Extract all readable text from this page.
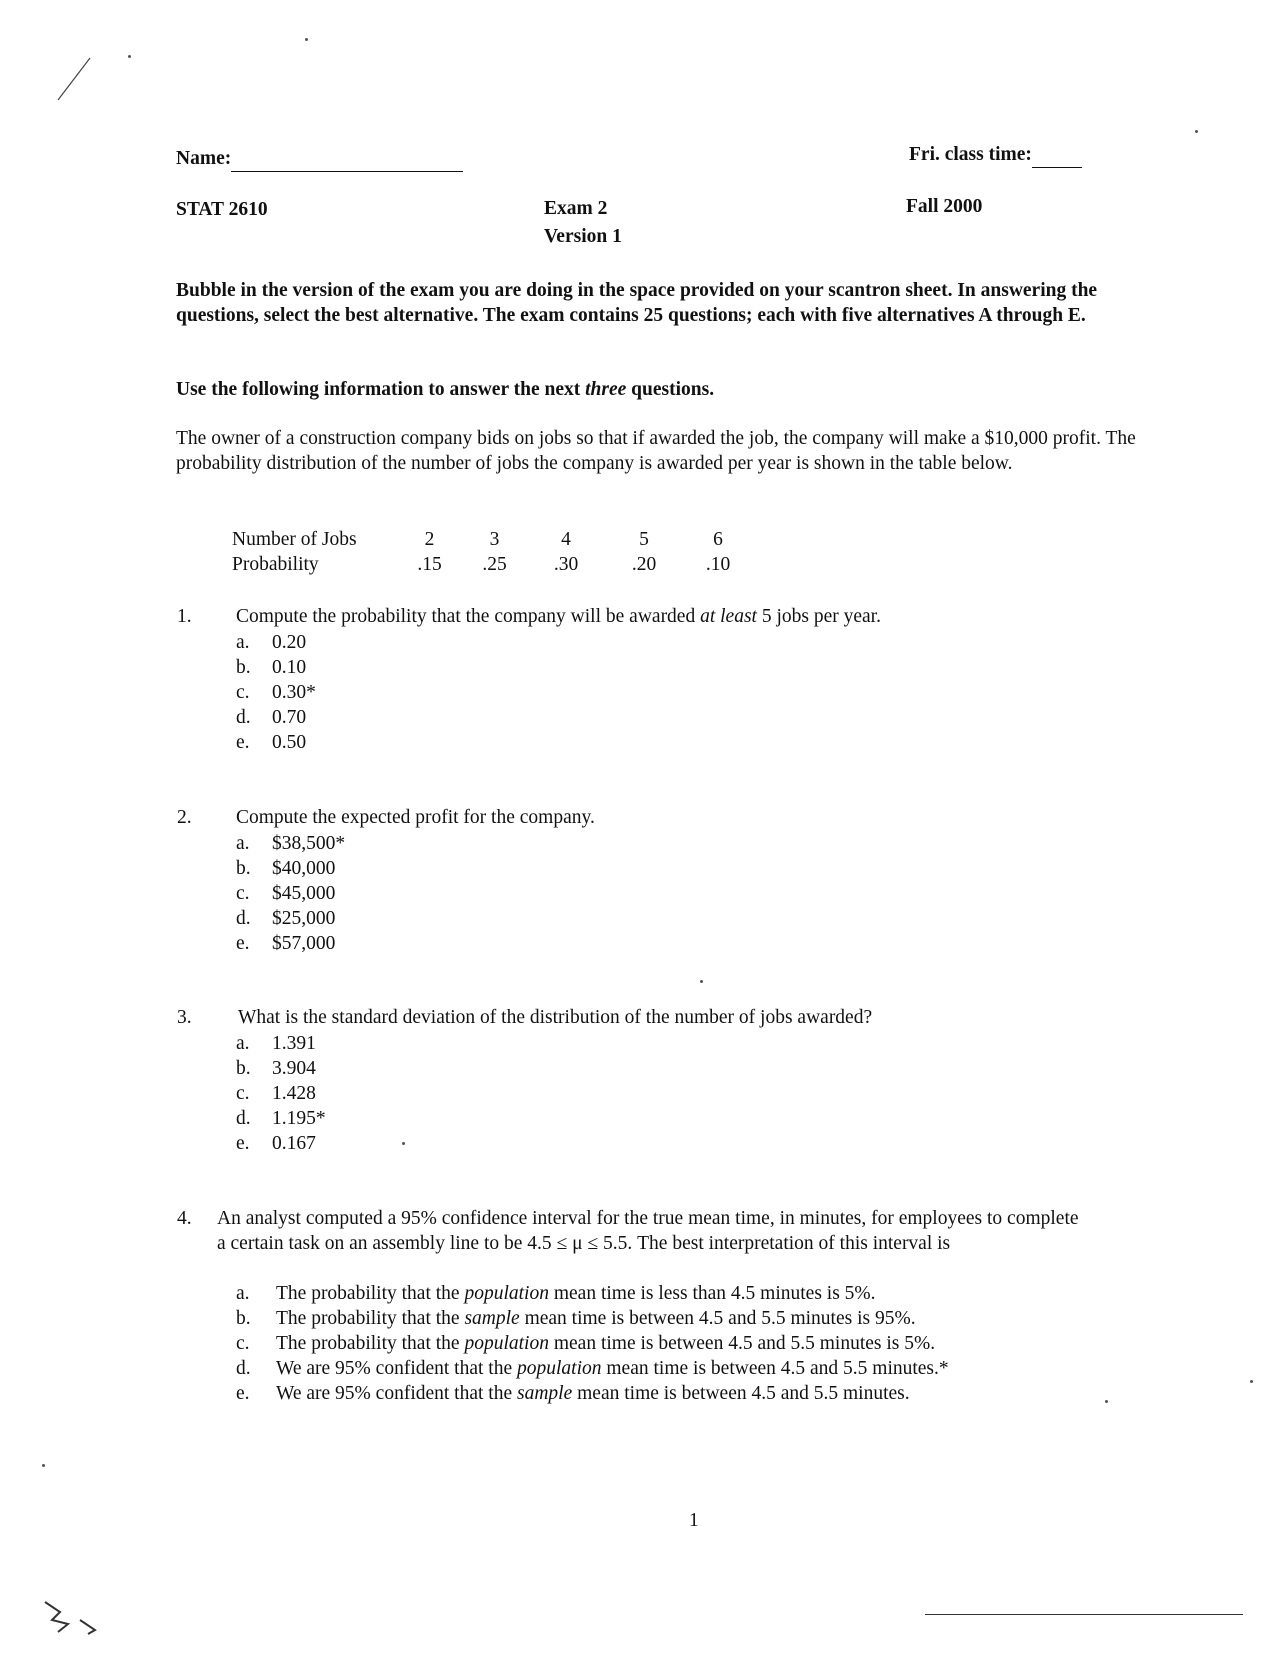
Name:	Fri. class time:
STAT 2610	Exam 2
Version 1
Fall 2000
Bubble in the version of the exam you are doing in the space provided on your scantron sheet. In answering the questions, select the best alternative. The exam contains 25 questions; each with five alternatives A through E.
Use the following information to answer the next three questions.
The owner of a construction company bids on jobs so that if awarded the job, the company will make a $10,000 profit. The probability distribution of the number of jobs the company is awarded per year is shown in the table below.
Number of Jobs	2	3	4	5	6
Probability	.15	.25	.30	.20	.10
1. Compute the probability that the company will be awarded at least 5 jobs per year.
a. 0.20
b. 0.10
c. 0.30*
d. 0.70
e. 0.50
2. Compute the expected profit for the company.
a. $38,500*
b. $40,000
c. $45,000
d. $25,000
e. $57,000
3. What is the standard deviation of the distribution of the number of jobs awarded?
a. 1.391
b. 3.904
c. 1.428
d. 1.195*
e. 0.167
4. An analyst computed a 95% confidence interval for the true mean time, in minutes, for employees to complete
a certain task on an assembly line to be 4.5 ≤ μ ≤ 5.5. The best interpretation of this interval is
a. The probability that the population mean time is less than 4.5 minutes is 5%.
b. The probability that the sample mean time is between 4.5 and 5.5 minutes is 95%.
c. The probability that the population mean time is between 4.5 and 5.5 minutes is 5%.
d. We are 95% confident that the population mean time is between 4.5 and 5.5 minutes.*
e. We are 95% confident that the sample mean time is between 4.5 and 5.5 minutes.
1
